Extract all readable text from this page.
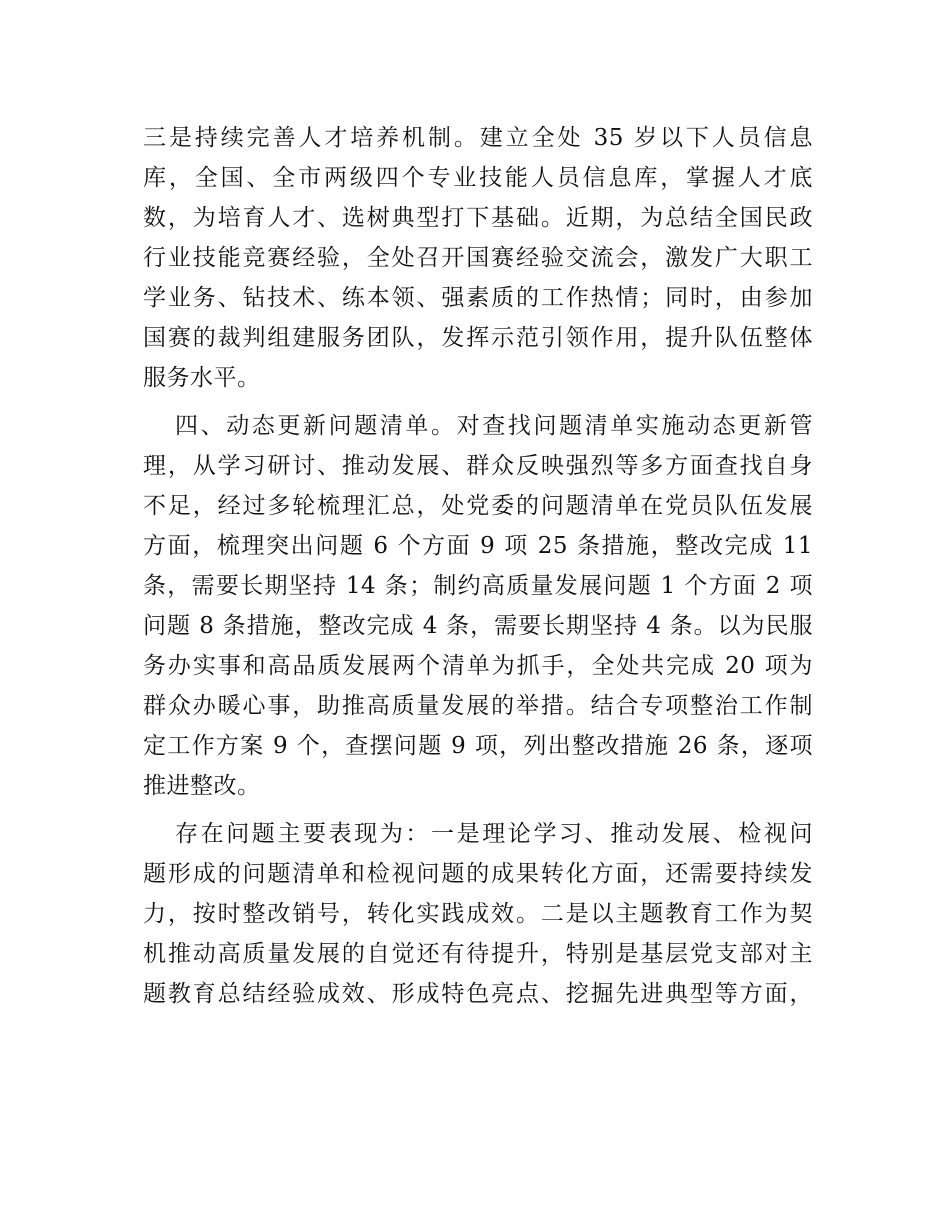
三是持续完善人才培养机制。建立全处 35 岁以下人员信息
库，全国、全市两级四个专业技能人员信息库，掌握人才底
数，为培育人才、选树典型打下基础。近期，为总结全国民政
行业技能竞赛经验，全处召开国赛经验交流会，激发广大职工
学业务、钻技术、练本领、强素质的工作热情；同时，由参加
国赛的裁判组建服务团队，发挥示范引领作用，提升队伍整体
服务水平。
四、动态更新问题清单。对查找问题清单实施动态更新管
理，从学习研讨、推动发展、群众反映强烈等多方面查找自身
不足，经过多轮梳理汇总，处党委的问题清单在党员队伍发展
方面，梳理突出问题 6 个方面 9 项 25 条措施，整改完成 11
条，需要长期坚持 14 条；制约高质量发展问题 1 个方面 2 项
问题 8 条措施，整改完成 4 条，需要长期坚持 4 条。以为民服
务办实事和高品质发展两个清单为抓手，全处共完成 20 项为
群众办暖心事，助推高质量发展的举措。结合专项整治工作制
定工作方案 9 个，查摆问题 9 项，列出整改措施 26 条，逐项
推进整改。
存在问题主要表现为：一是理论学习、推动发展、检视问
题形成的问题清单和检视问题的成果转化方面，还需要持续发
力，按时整改销号，转化实践成效。二是以主题教育工作为契
机推动高质量发展的自觉还有待提升，特别是基层党支部对主
题教育总结经验成效、形成特色亮点、挖掘先进典型等方面，
